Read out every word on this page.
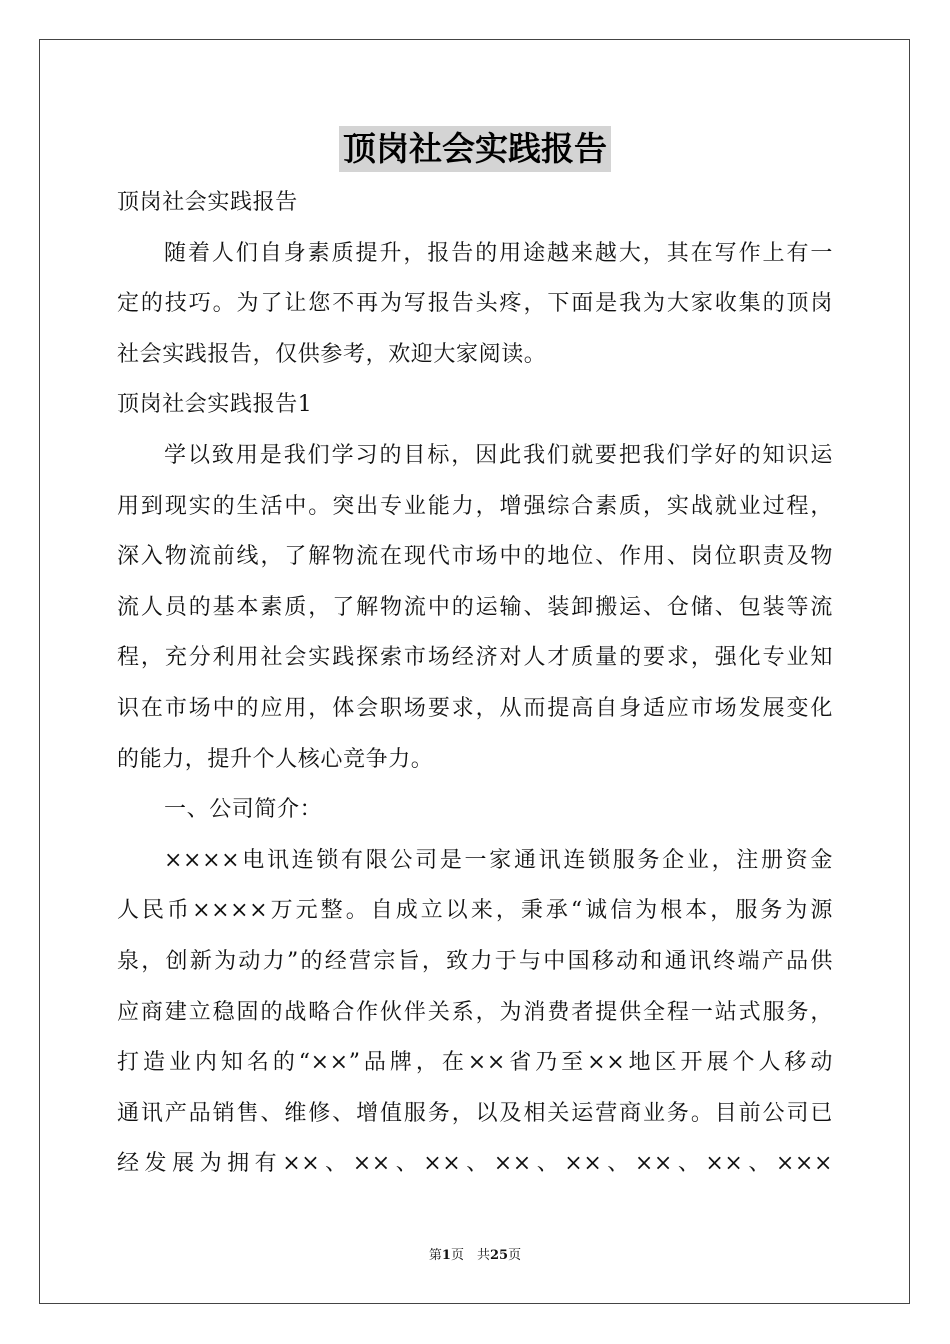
顶岗社会实践报告
顶岗社会实践报告
随着人们自身素质提升，报告的用途越来越大，其在写作上有一
定的技巧。为了让您不再为写报告头疼，下面是我为大家收集的顶岗
社会实践报告，仅供参考，欢迎大家阅读。
顶岗社会实践报告1
学以致用是我们学习的目标，因此我们就要把我们学好的知识运
用到现实的生活中。突出专业能力，增强综合素质，实战就业过程，
深入物流前线，了解物流在现代市场中的地位、作用、岗位职责及物
流人员的基本素质，了解物流中的运输、装卸搬运、仓储、包装等流
程，充分利用社会实践探索市场经济对人才质量的要求，强化专业知
识在市场中的应用，体会职场要求，从而提高自身适应市场发展变化
的能力，提升个人核心竞争力。
一、公司简介：
××××电讯连锁有限公司是一家通讯连锁服务企业，注册资金
人民币××××万元整。自成立以来，秉承“诚信为根本，服务为源
泉，创新为动力”的经营宗旨，致力于与中国移动和通讯终端产品供
应商建立稳固的战略合作伙伴关系，为消费者提供全程一站式服务，
打造业内知名的“××”品牌，在××省乃至××地区开展个人移动
通讯产品销售、维修、增值服务，以及相关运营商业务。目前公司已
经发展为拥有××、××、××、××、××、××、××、×××
第1页　共25页
